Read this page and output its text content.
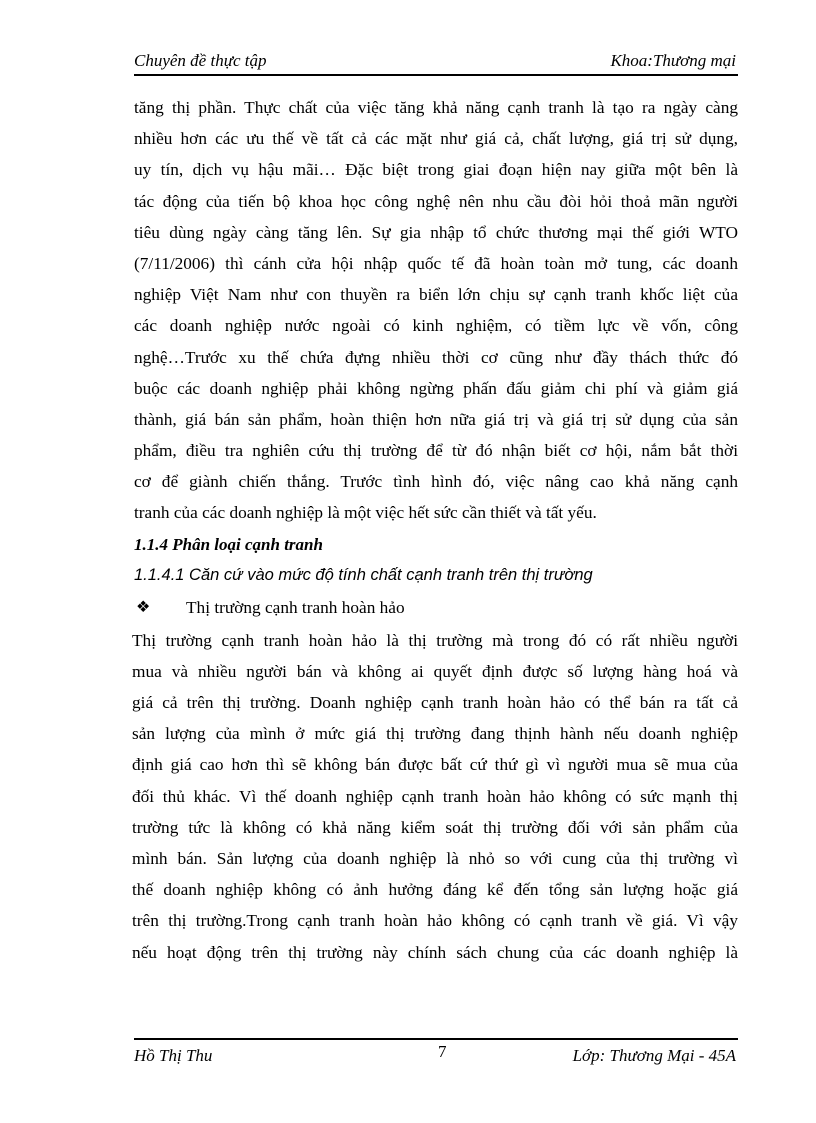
Chuyên đề thực tập	Khoa:Thương mại
tăng thị phần. Thực chất của việc tăng khả năng cạnh tranh là tạo ra ngày càng
nhiều hơn các ưu thế về tất cả các mặt như giá cả, chất lượng, giá trị sử dụng,
uy tín, dịch vụ hậu mãi… Đặc biệt trong giai đoạn hiện nay giữa một bên là
tác động của tiến bộ khoa học công nghệ nên nhu cầu đòi hỏi thoả mãn người
tiêu dùng ngày càng tăng lên. Sự gia nhập tổ chức thương mại thế giới WTO
(7/11/2006) thì cánh cửa hội nhập quốc tế đã hoàn toàn mở tung, các doanh
nghiệp Việt Nam như con thuyền ra biển lớn chịu sự cạnh tranh khốc liệt của
các doanh nghiệp nước ngoài có kinh nghiệm, có tiềm lực về vốn, công
nghệ…Trước xu thế chứa đựng nhiều thời cơ cũng như đầy thách thức đó
buộc các doanh nghiệp phải không ngừng phấn đấu giảm chi phí và giảm giá
thành, giá bán sản phẩm, hoàn thiện hơn nữa giá trị và giá trị sử dụng của sản
phẩm, điều tra nghiên cứu thị trường để từ đó nhận biết cơ hội, nắm bắt thời
cơ để giành chiến thắng. Trước tình hình đó, việc nâng cao khả năng cạnh
tranh của các doanh nghiệp là một việc hết sức cần thiết và tất yếu.
1.1.4 Phân loại cạnh tranh
1.1.4.1 Căn cứ vào mức độ tính chất cạnh tranh trên thị trường
❖ Thị trường cạnh tranh hoàn hảo
Thị trường cạnh tranh hoàn hảo là thị trường mà trong đó có rất nhiều người
mua và nhiều người bán và không ai quyết định được số lượng hàng hoá và
giá cả trên thị trường. Doanh nghiệp cạnh tranh hoàn hảo có thể bán ra tất cả
sản lượng của mình ở mức giá thị trường đang thịnh hành nếu doanh nghiệp
định giá cao hơn thì sẽ không bán được bất cứ thứ gì vì người mua sẽ mua của
đối thủ khác. Vì thế doanh nghiệp cạnh tranh hoàn hảo không có sức mạnh thị
trường tức là không có khả năng kiểm soát thị trường đối với sản phẩm của
mình bán. Sản lượng của doanh nghiệp là nhỏ so với cung của thị trường vì
thế doanh nghiệp không có ảnh hưởng đáng kể đến tổng sản lượng hoặc giá
trên thị trường.Trong cạnh tranh hoàn hảo không có cạnh tranh về giá. Vì vậy
nếu hoạt động trên thị trường này chính sách chung của các doanh nghiệp là
Hồ Thị Thu	7	Lớp: Thương Mại - 45A
